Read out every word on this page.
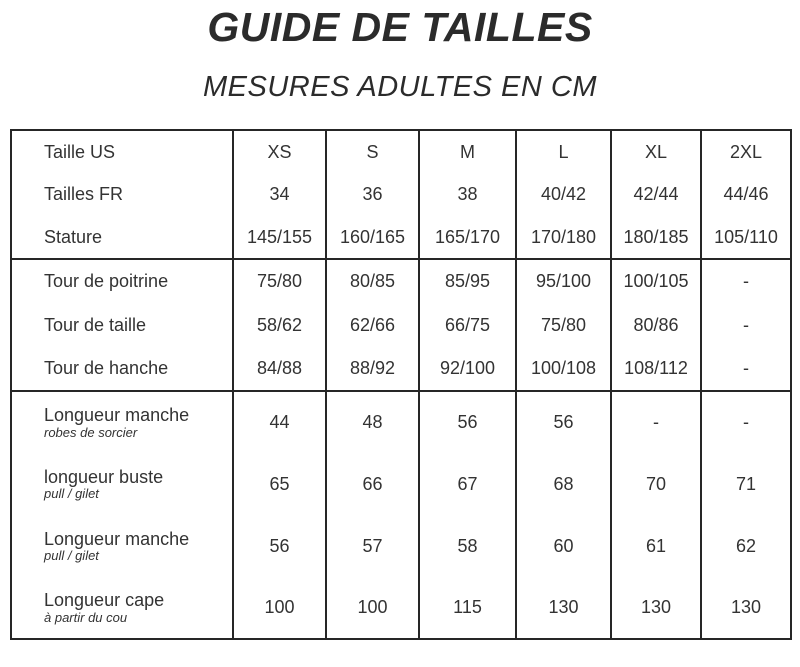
GUIDE DE TAILLES
MESURES ADULTES EN CM
Taille US	XS	S	M	L	XL	2XL

Tailles FR	34	36	38	40/42	42/44	44/46

Stature	145/155	160/165	165/170	170/180	180/185	105/110

Tour de poitrine	75/80	80/85	85/95	95/100	100/105	-

Tour de taille	58/62	62/66	66/75	75/80	80/86	-

Tour de hanche	84/88	88/92	92/100	100/108	108/112	-

Longueur manche
robes de sorcier	44	48	56	56	-	-

longueur buste
pull / gilet	65	66	67	68	70	71

Longueur manche
pull / gilet	56	57	58	60	61	62

Longueur cape
à partir du cou	100	100	115	130	130	130
